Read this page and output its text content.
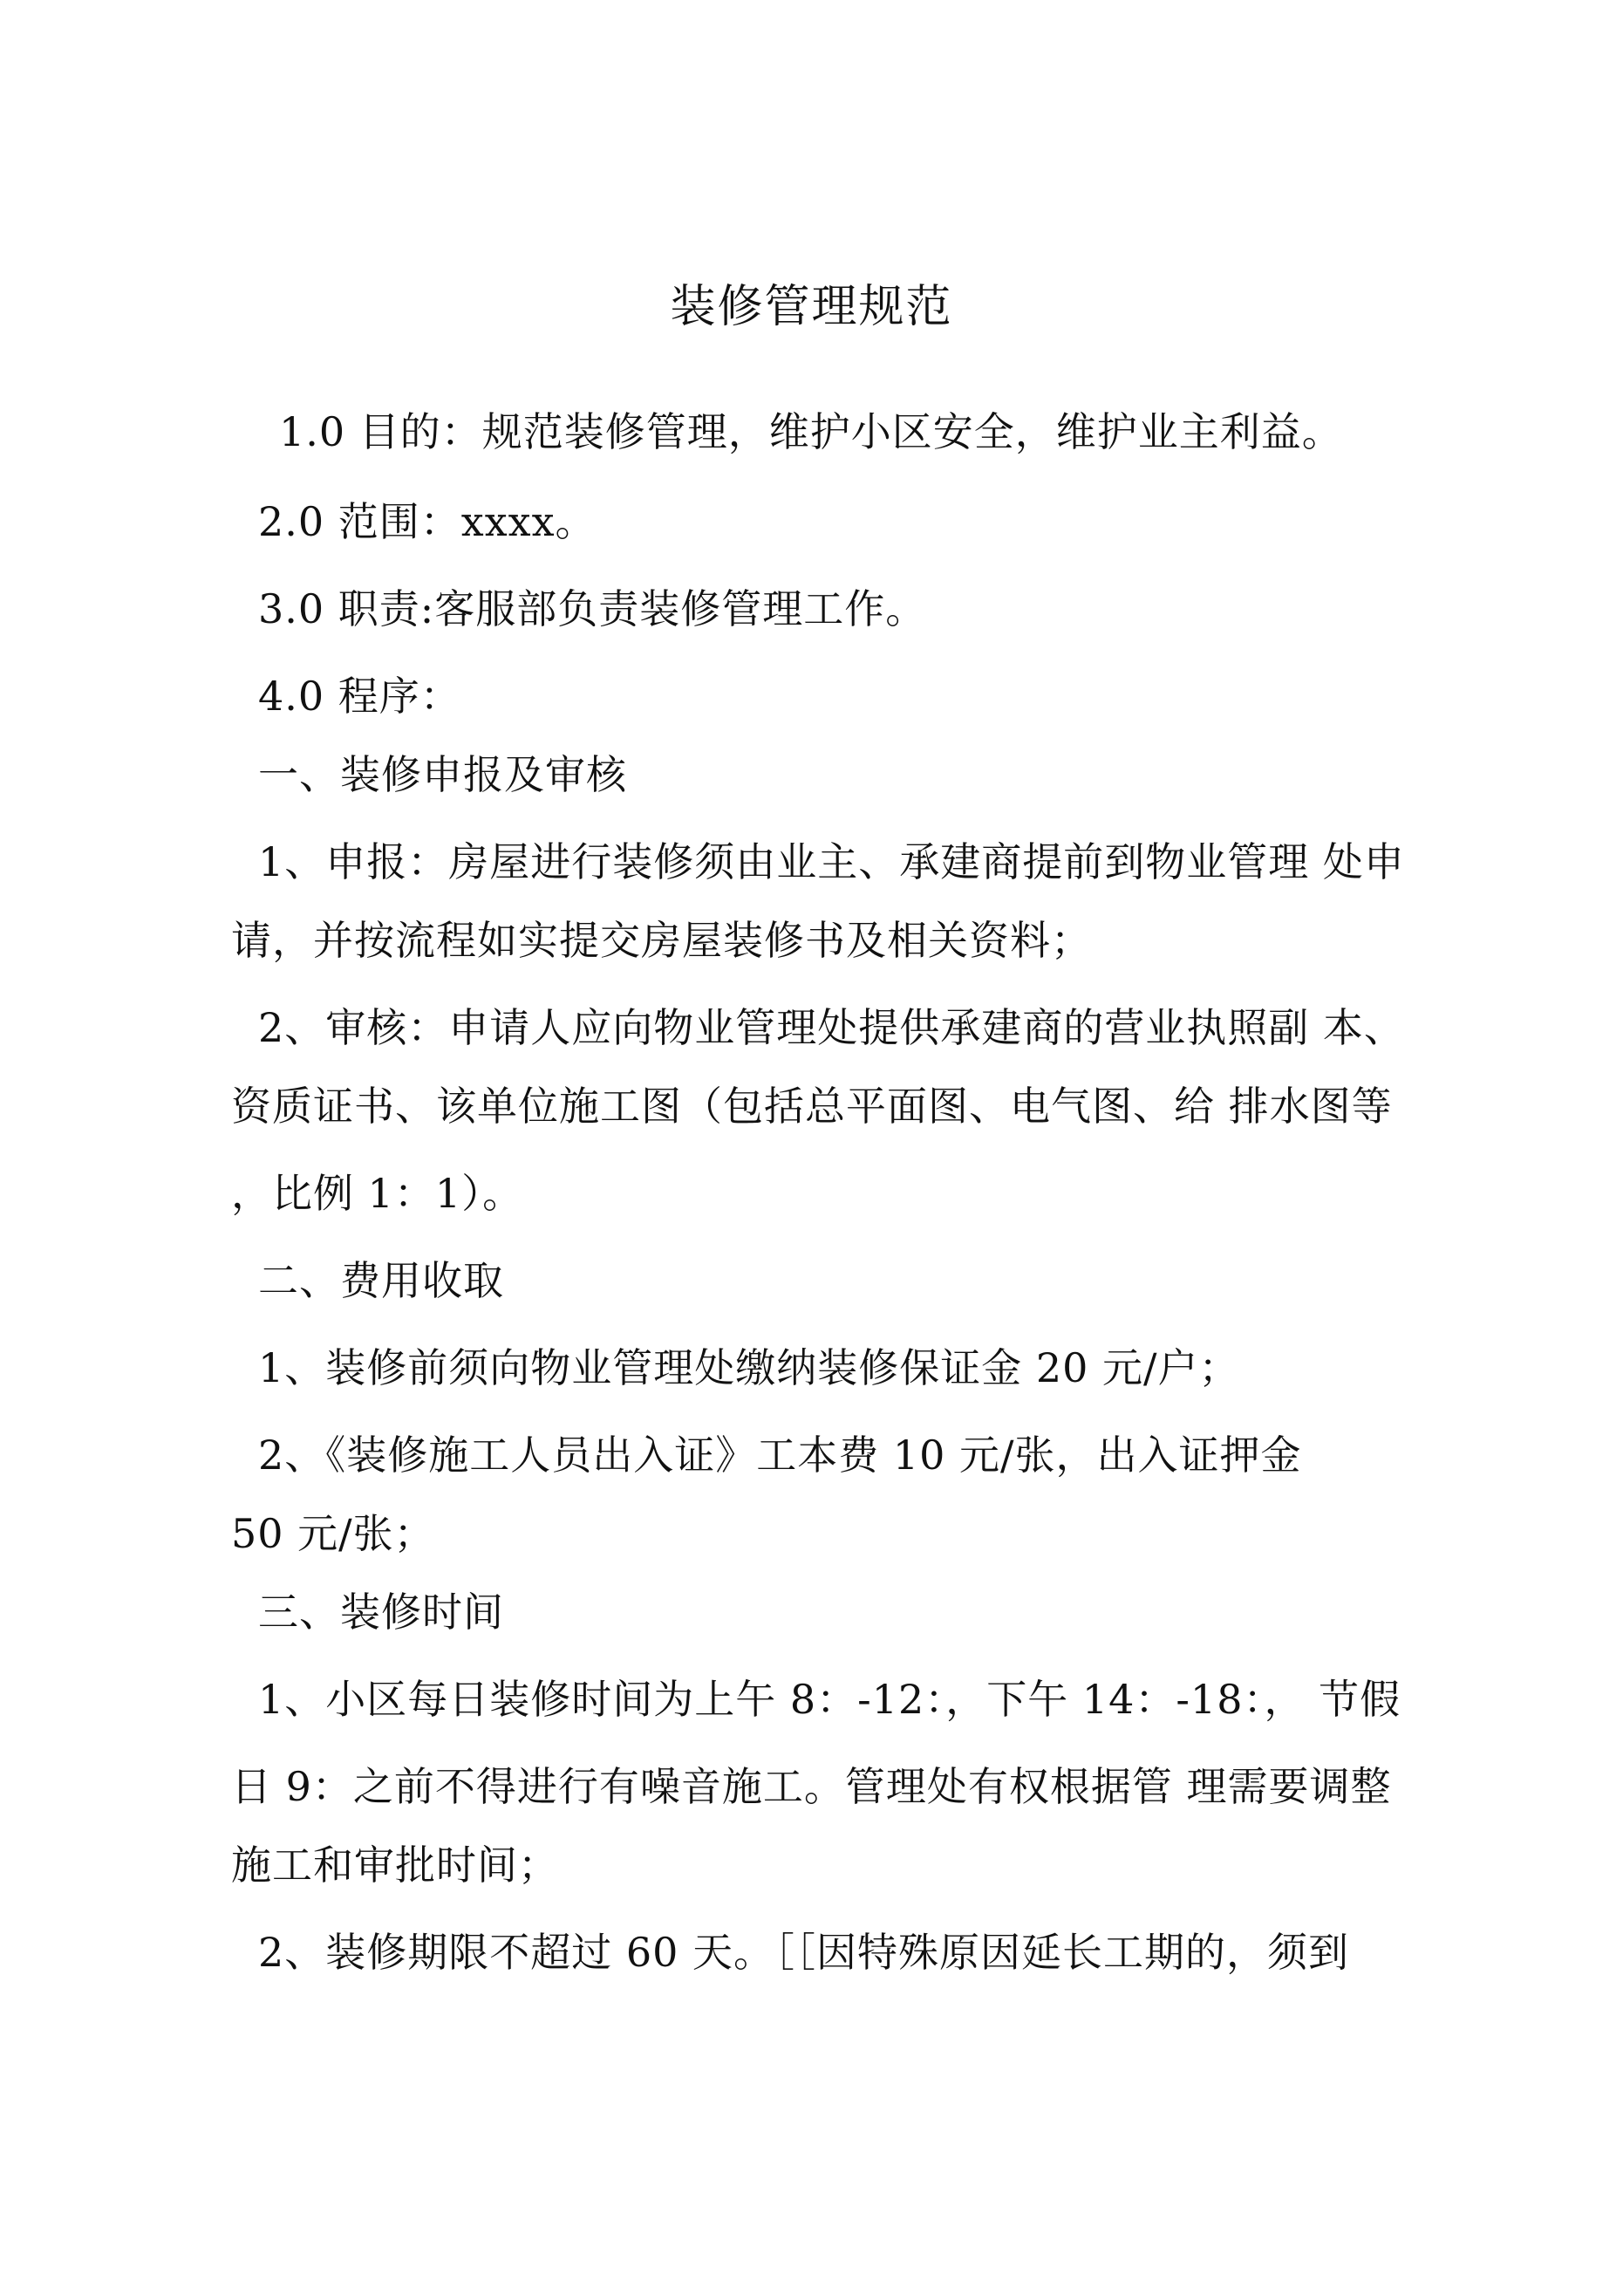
装修管理规范
1.0 目的：规范装修管理，维护小区安全，维护业主利益。
2.0 范围：xxxx。
3.0 职责:客服部负责装修管理工作。
4.0 程序：
一、装修申报及审核
1、申报：房屋进行装修须由业主、承建商提前到物业管理 处申
请，并按流程如实提交房屋装修书及相关资料；
2、审核：申请人应向物业管理处提供承建商的营业执照副 本、
资质证书、该单位施工图（包括总平面图、电气图、给 排水图等
，比例 1：1）。
二、费用收取
1、装修前须向物业管理处缴纳装修保证金 20 元/户；
2、《装修施工人员出入证》工本费 10 元/张，出入证押金
50 元/张；
三、装修时间
1、小区每日装修时间为上午 8：-12：，下午 14：-18：， 节假
日 9：之前不得进行有噪音施工。管理处有权根据管 理需要调整
施工和审批时间；
2、装修期限不超过 60 天。［［因特殊原因延长工期的，须到
